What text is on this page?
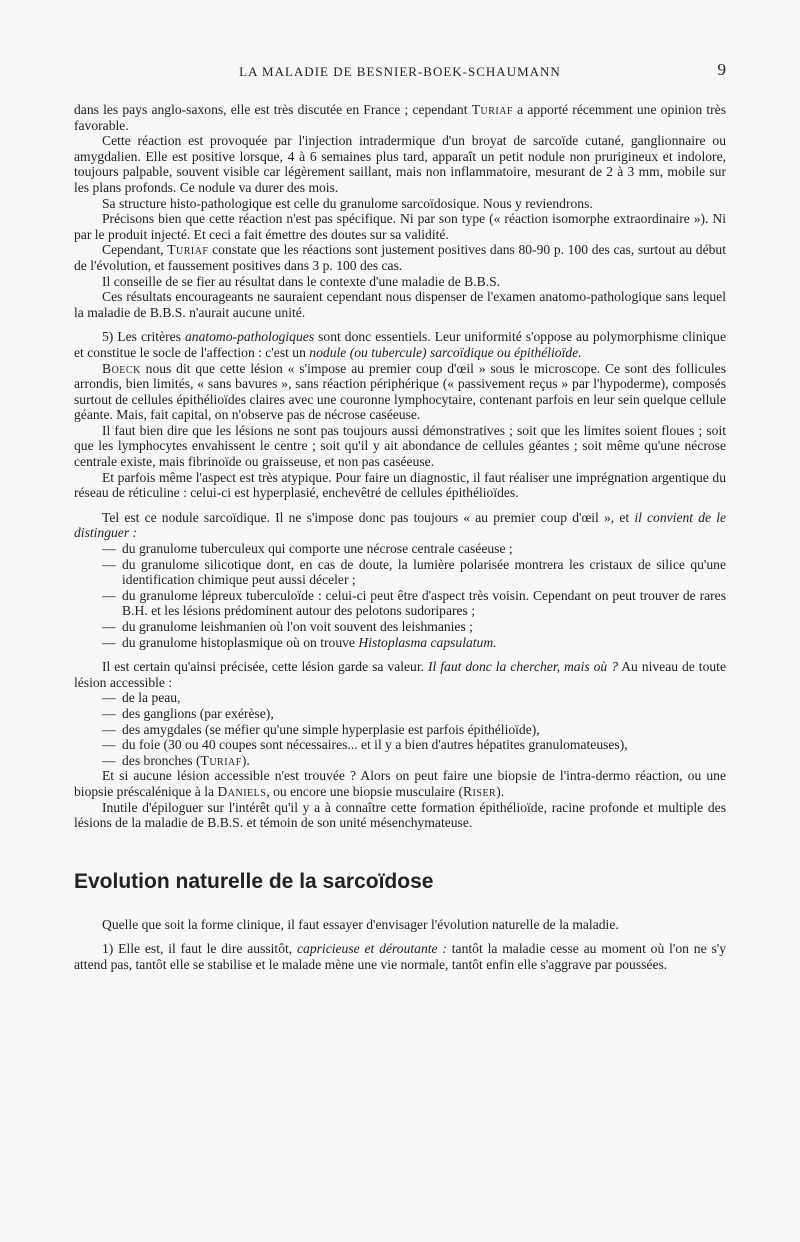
LA MALADIE DE BESNIER-BOEK-SCHAUMANN	9

dans les pays anglo-saxons, elle est très discutée en France ; cependant Turiaf a apporté récemment une opinion très favorable.

Cette réaction est provoquée par l'injection intradermique d'un broyat de sarcoïde cutané, ganglionnaire ou amygdalien. Elle est positive lorsque, 4 à 6 semaines plus tard, apparaît un petit nodule non prurigineux et indolore, toujours palpable, souvent visible car légèrement saillant, mais non inflammatoire, mesurant de 2 à 3 mm, mobile sur les plans profonds. Ce nodule va durer des mois.

Sa structure histo-pathologique est celle du granulome sarcoïdosique. Nous y reviendrons.

Précisons bien que cette réaction n'est pas spécifique. Ni par son type (« réaction isomorphe extraordinaire »). Ni par le produit injecté. Et ceci a fait émettre des doutes sur sa validité.

Cependant, Turiaf constate que les réactions sont justement positives dans 80-90 p. 100 des cas, surtout au début de l'évolution, et faussement positives dans 3 p. 100 des cas.

Il conseille de se fier au résultat dans le contexte d'une maladie de B.B.S.

Ces résultats encourageants ne sauraient cependant nous dispenser de l'examen anatomo-pathologique sans lequel la maladie de B.B.S. n'aurait aucune unité.

5) Les critères anatomo-pathologiques sont donc essentiels. Leur uniformité s'oppose au polymorphisme clinique et constitue le socle de l'affection : c'est un nodule (ou tubercule) sarcoïdique ou épithélioïde.

Boeck nous dit que cette lésion « s'impose au premier coup d'œil » sous le microscope. Ce sont des follicules arrondis, bien limités, « sans bavures », sans réaction périphérique (« passivement reçus » par l'hypoderme), composés surtout de cellules épithélioïdes claires avec une couronne lymphocytaire, contenant parfois en leur sein quelque cellule géante. Mais, fait capital, on n'observe pas de nécrose caséeuse.

Il faut bien dire que les lésions ne sont pas toujours aussi démonstratives ; soit que les limites soient floues ; soit que les lymphocytes envahissent le centre ; soit qu'il y ait abondance de cellules géantes ; soit même qu'une nécrose centrale existe, mais fibrinoïde ou graisseuse, et non pas caséeuse.

Et parfois même l'aspect est très atypique. Pour faire un diagnostic, il faut réaliser une imprégnation argentique du réseau de réticuline : celui-ci est hyperplasié, enchevêtré de cellules épithélioïdes.

Tel est ce nodule sarcoïdique. Il ne s'impose donc pas toujours « au premier coup d'œil », et il convient de le distinguer :

— du granulome tuberculeux qui comporte une nécrose centrale caséeuse ;
— du granulome silicotique dont, en cas de doute, la lumière polarisée montrera les cristaux de silice qu'une identification chimique peut aussi déceler ;
— du granulome lépreux tuberculoïde : celui-ci peut être d'aspect très voisin. Cependant on peut trouver de rares B.H. et les lésions prédominent autour des pelotons sudoripares ;
— du granulome leishmanien où l'on voit souvent des leishmanies ;
— du granulome histoplasmique où on trouve Histoplasma capsulatum.

Il est certain qu'ainsi précisée, cette lésion garde sa valeur. Il faut donc la chercher, mais où ? Au niveau de toute lésion accessible :

— de la peau,
— des ganglions (par exérèse),
— des amygdales (se méfier qu'une simple hyperplasie est parfois épithélioïde),
— du foie (30 ou 40 coupes sont nécessaires... et il y a bien d'autres hépatites granulomateuses),
— des bronches (Turiaf).

Et si aucune lésion accessible n'est trouvée ? Alors on peut faire une biopsie de l'intra-dermo réaction, ou une biopsie préscalénique à la Daniels, ou encore une biopsie musculaire (Riser).

Inutile d'épiloguer sur l'intérêt qu'il y a à connaître cette formation épithélioïde, racine profonde et multiple des lésions de la maladie de B.B.S. et témoin de son unité mésenchymateuse.

Evolution naturelle de la sarcoïdose

Quelle que soit la forme clinique, il faut essayer d'envisager l'évolution naturelle de la maladie.

1) Elle est, il faut le dire aussitôt, capricieuse et déroutante : tantôt la maladie cesse au moment où l'on ne s'y attend pas, tantôt elle se stabilise et le malade mène une vie normale, tantôt enfin elle s'aggrave par poussées.
